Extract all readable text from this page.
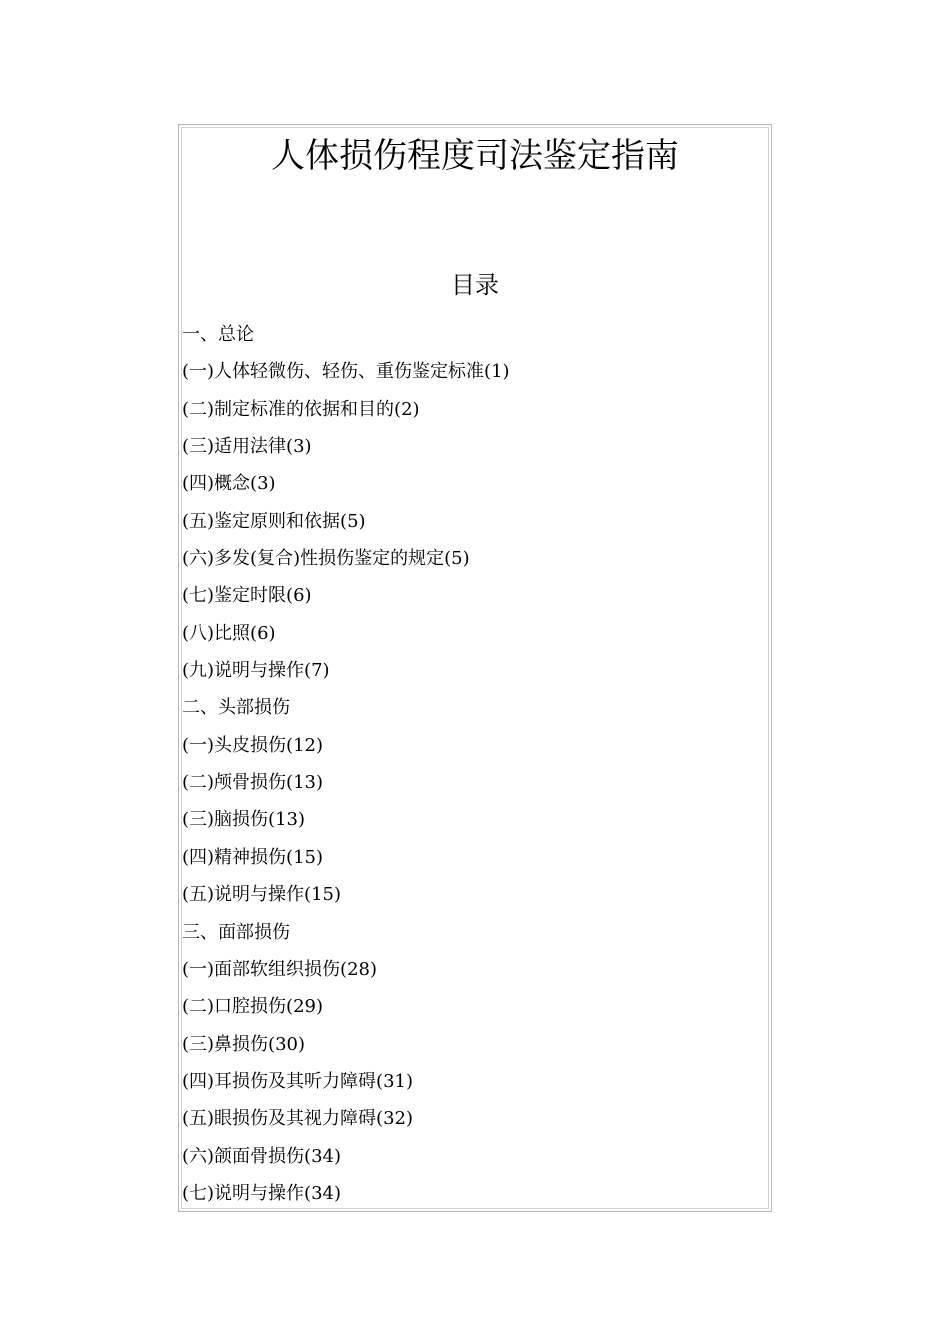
人体损伤程度司法鉴定指南
目录
一、总论
(一)人体轻微伤、轻伤、重伤鉴定标准(1)
(二)制定标准的依据和目的(2)
(三)适用法律(3)
(四)概念(3)
(五)鉴定原则和依据(5)
(六)多发(复合)性损伤鉴定的规定(5)
(七)鉴定时限(6)
(八)比照(6)
(九)说明与操作(7)
二、头部损伤
(一)头皮损伤(12)
(二)颅骨损伤(13)
(三)脑损伤(13)
(四)精神损伤(15)
(五)说明与操作(15)
三、面部损伤
(一)面部软组织损伤(28)
(二)口腔损伤(29)
(三)鼻损伤(30)
(四)耳损伤及其听力障碍(31)
(五)眼损伤及其视力障碍(32)
(六)颌面骨损伤(34)
(七)说明与操作(34)
